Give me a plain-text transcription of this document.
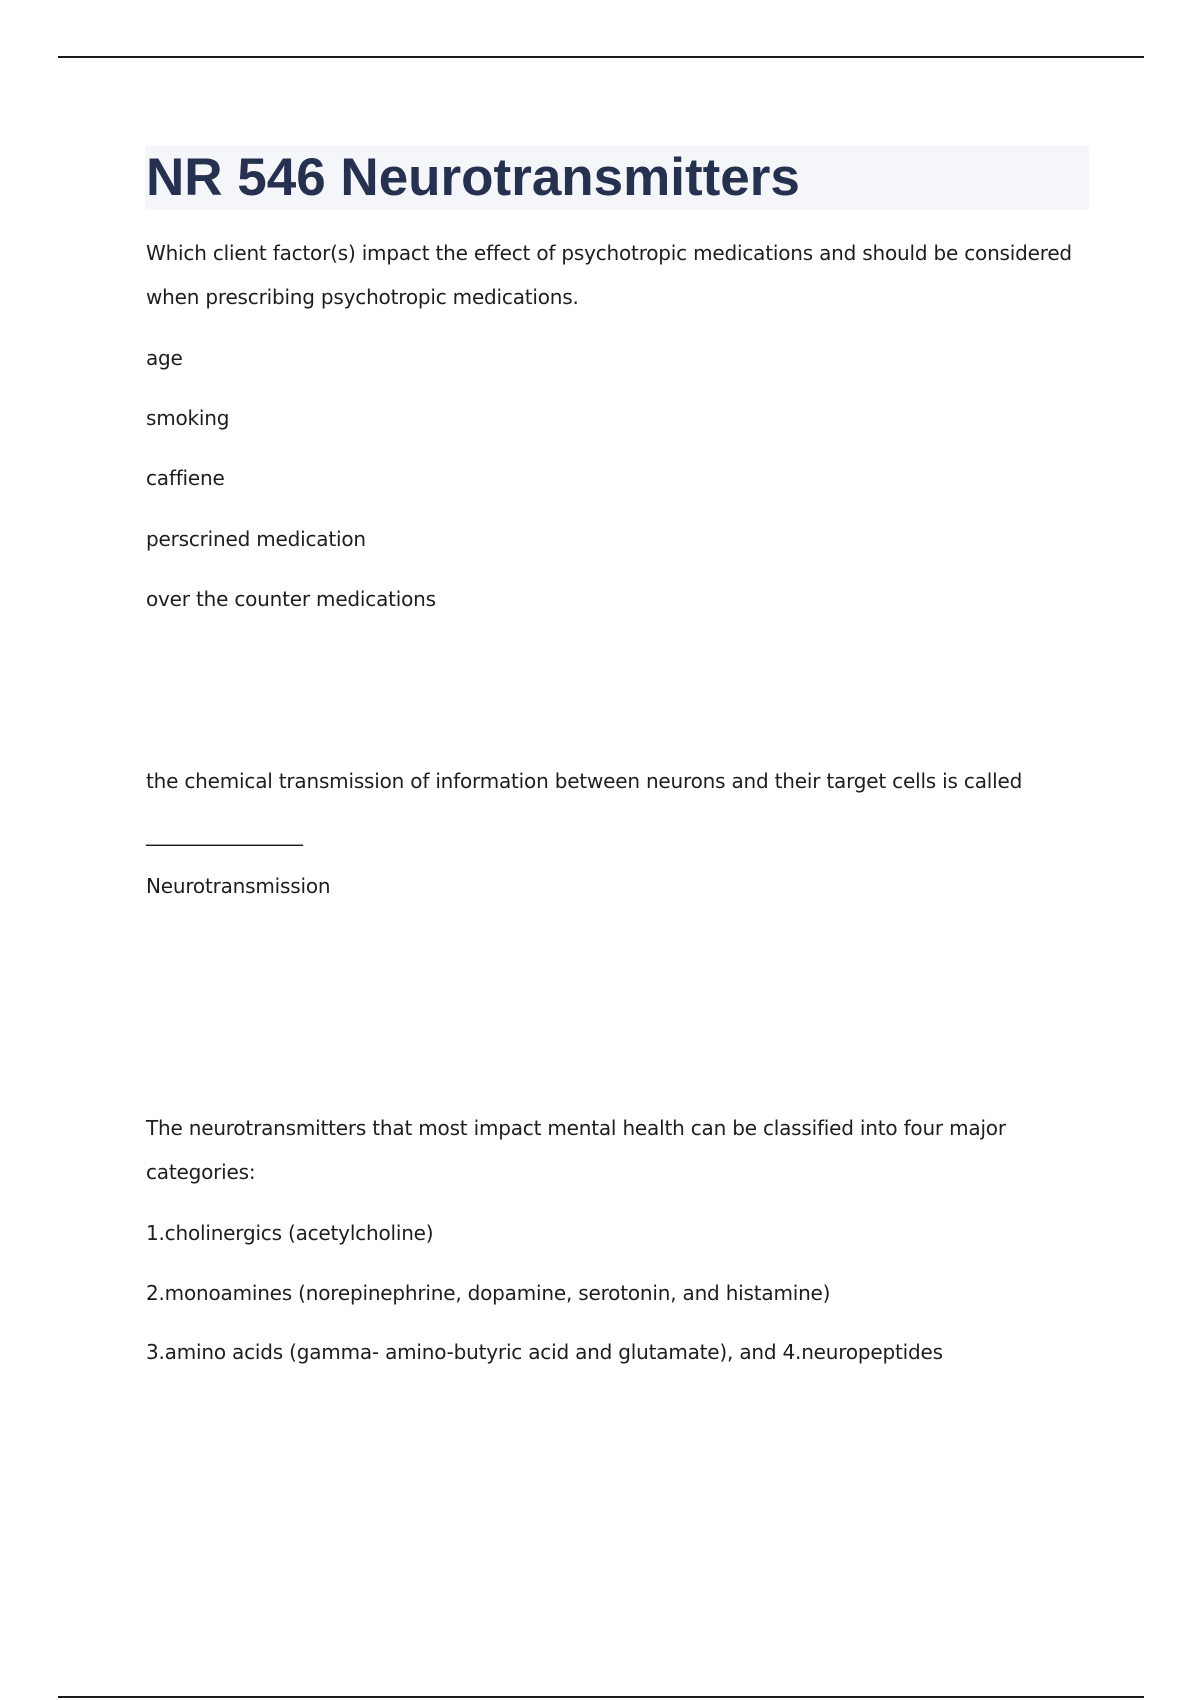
NR 546 Neurotransmitters

Which client factor(s) impact the effect of psychotropic medications and should be considered

when prescribing psychotropic medications.

age

smoking

caffiene

perscrined medication

over the counter medications

the chemical transmission of information between neurons and their target cells is called

________________

Neurotransmission

The neurotransmitters that most impact mental health can be classified into four major

categories:

1.cholinergics (acetylcholine)

2.monoamines (norepinephrine, dopamine, serotonin, and histamine)

3.amino acids (gamma- amino-butyric acid and glutamate), and 4.neuropeptides
